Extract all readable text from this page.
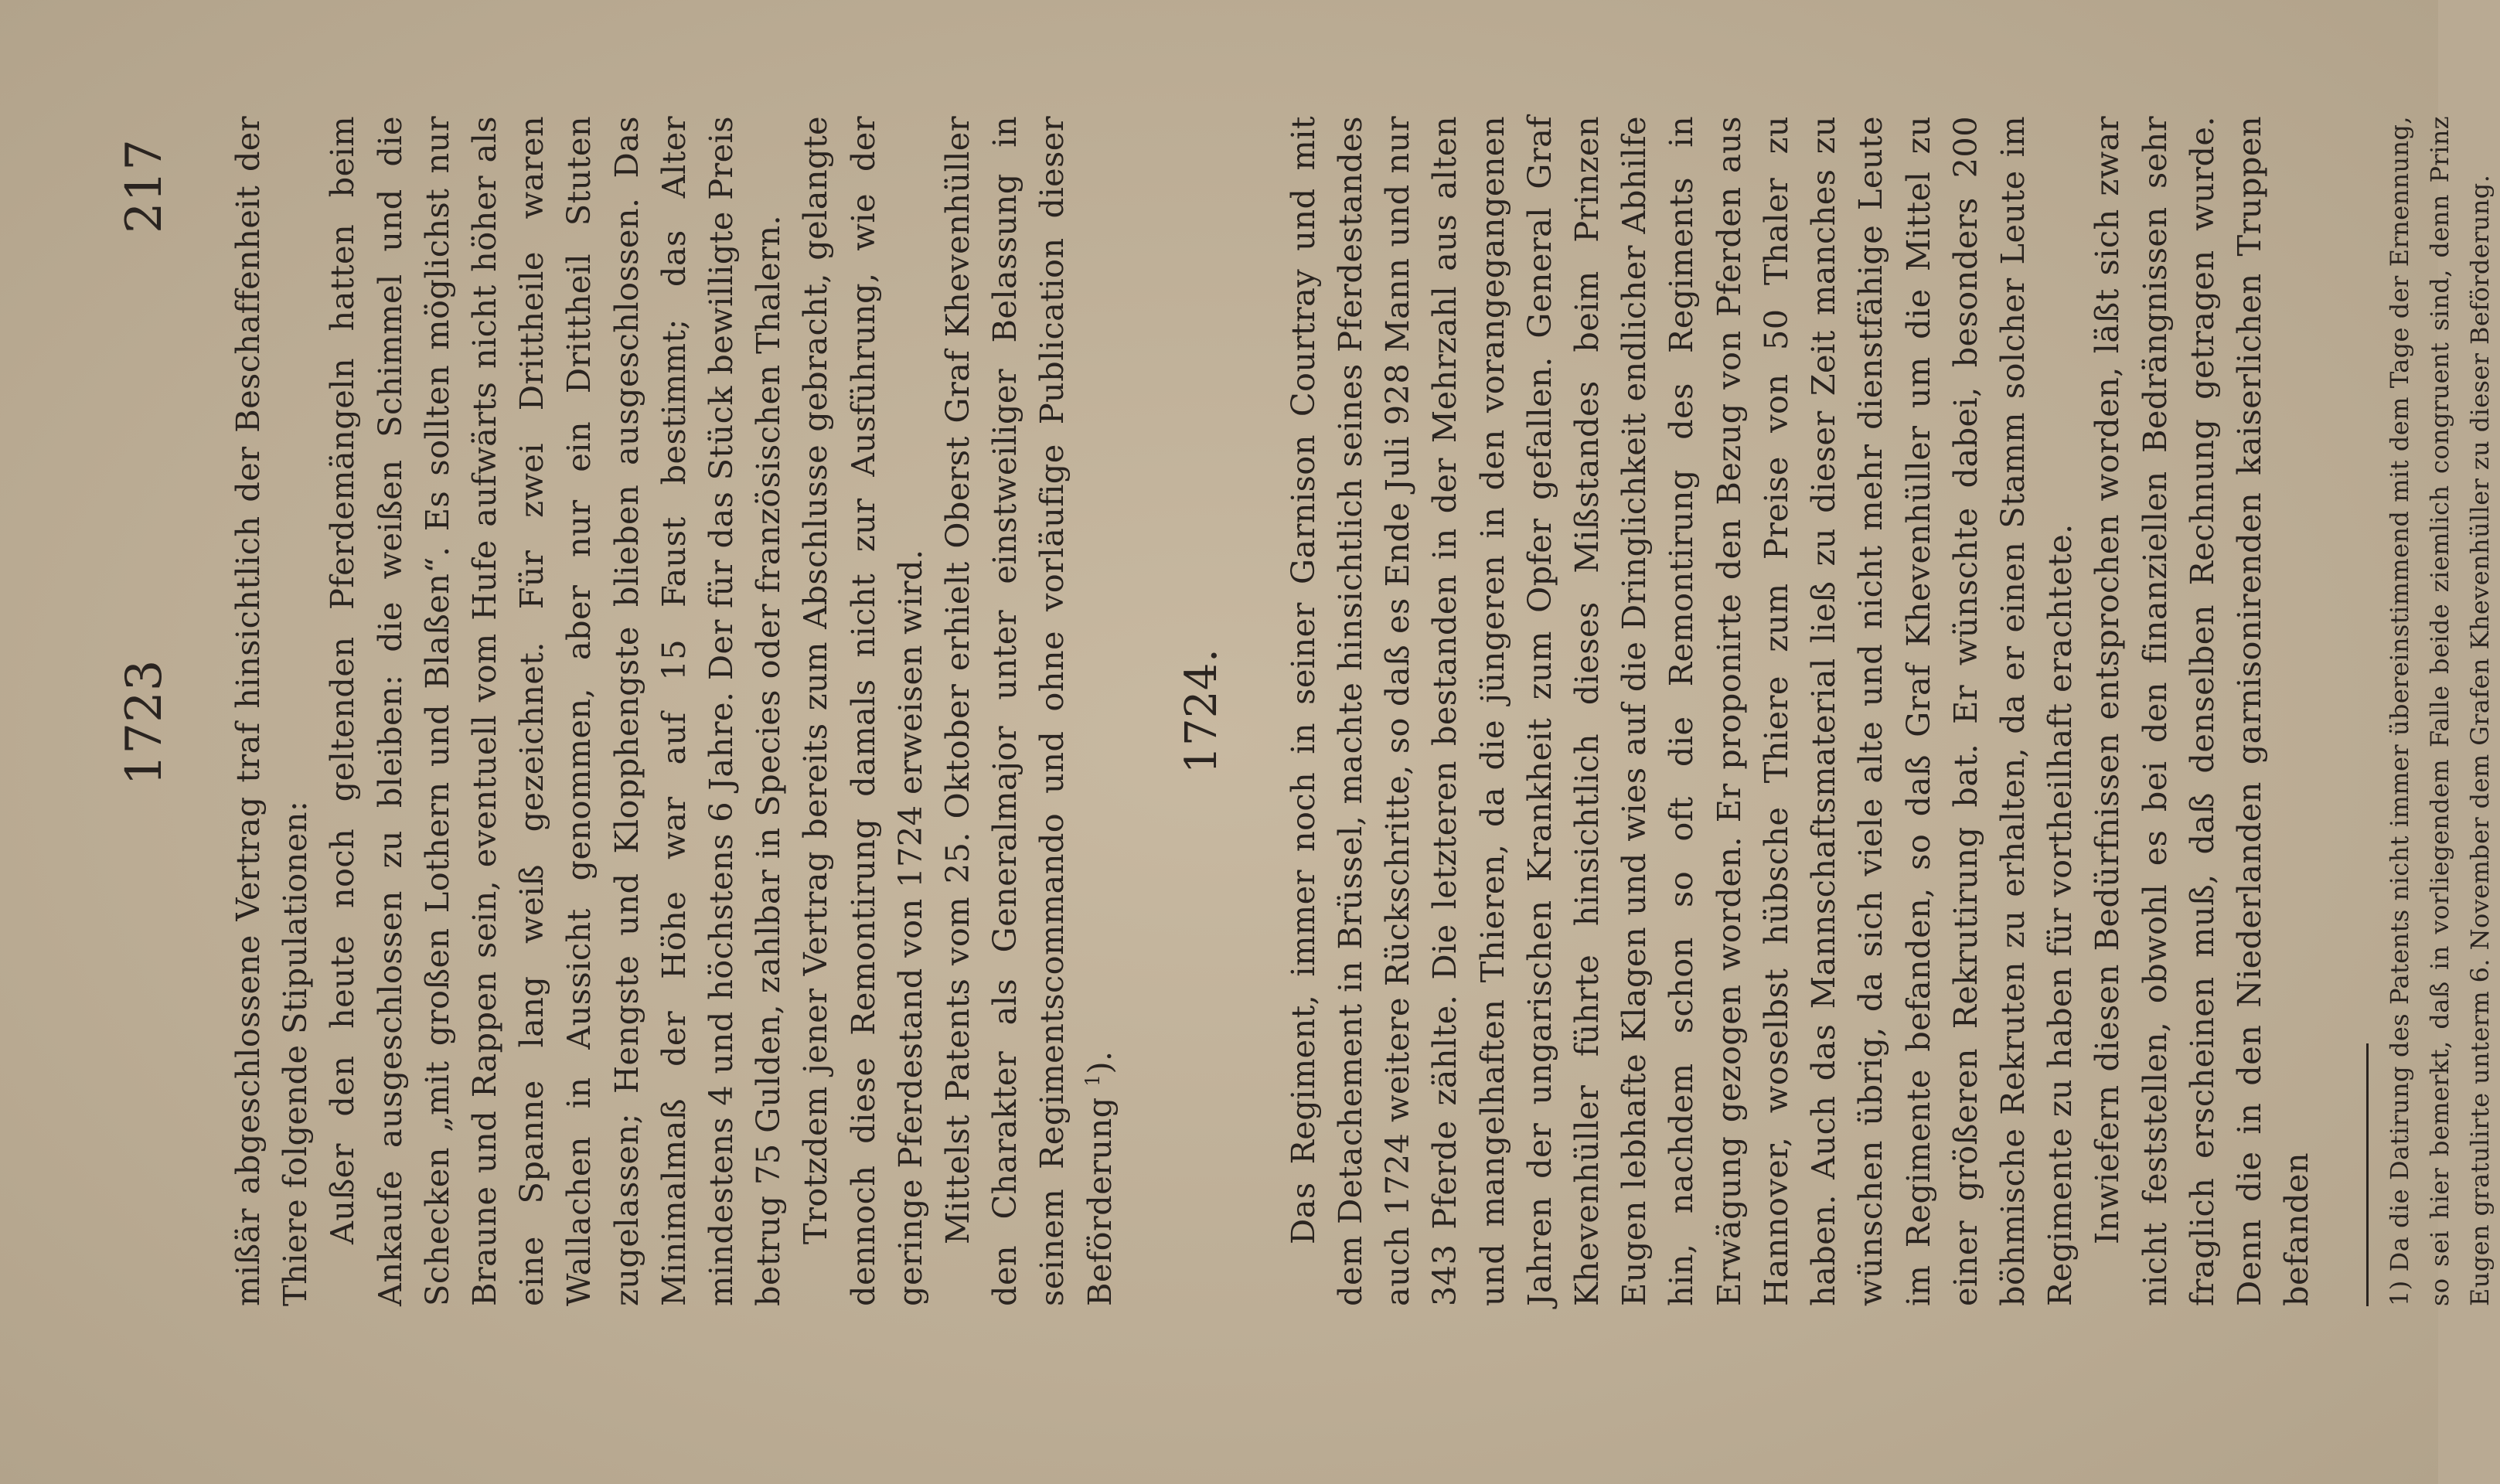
1723
217 mißär abgeschlossene Vertrag traf hinsichtlich der Beschaffenheit der Thiere folgende Stipulationen: Außer den heute noch geltenden Pferdemängeln hatten beim Ankaufe ausgeschlossen zu bleiben: die weißen Schimmel und die Schecken „mit großen Lothern und Blaßen“. Es sollten möglichst nur Braune und Rappen sein, eventuell vom Hufe aufwärts nicht höher als eine Spanne lang weiß gezeichnet. Für zwei Drittheile waren Wallachen in Aussicht genommen, aber nur ein Drittheil Stuten zugelassen; Hengste und Klopphengste blieben ausgeschlossen. Das Minimalmaß der Höhe war auf 15 Faust bestimmt; das Alter mindestens 4 und höchstens 6 Jahre. Der für das Stück bewilligte Preis betrug 75 Gulden, zahlbar in Species oder französischen Thalern. Trotzdem jener Vertrag bereits zum Abschlusse gebracht, gelangte dennoch diese Remontirung damals nicht zur Ausführung, wie der geringe Pferdestand von 1724 erweisen wird. Mittelst Patents vom 25. Oktober erhielt Oberst Graf Khevenhüller den Charakter als Generalmajor unter einstweiliger Belassung in seinem Regimentscommando und ohne vorläufige Publication dieser Beförderung $^1$).

1724. Das Regiment, immer noch in seiner Garnison Courtray und mit dem Detachement in Brüssel, machte hinsichtlich seines Pferdestandes auch 1724 weitere Rückschritte, so daß es Ende Juli 928 Mann und nur 343 Pferde zählte. Die letzteren bestanden in der Mehrzahl aus alten und mangelhaften Thieren, da die jüngeren in den vorangegangenen Jahren der ungarischen Krankheit zum Opfer gefallen. General Graf Khevenhüller führte hinsichtlich dieses Mißstandes beim Prinzen Eugen lebhafte Klagen und wies auf die Dringlichkeit endlicher Abhilfe hin, nachdem schon so oft die Remontirung des Regiments in Erwägung gezogen worden. Er proponirte den Bezug von Pferden aus Hannover, woselbst hübsche Thiere zum Preise von 50 Thaler zu haben. Auch das Mannschaftsmaterial ließ zu dieser Zeit manches zu wünschen übrig, da sich viele alte und nicht mehr dienstfähige Leute im Regimente befanden, so daß Graf Khevenhüller um die Mittel zu einer größeren Rekrutirung bat. Er wünschte dabei, besonders 200 böhmische Rekruten zu erhalten, da er einen Stamm solcher Leute im Regimente zu haben für vortheilhaft erachtete. Inwiefern diesen Bedürfnissen entsprochen worden, läßt sich zwar nicht feststellen, obwohl es bei den finanziellen Bedrängnissen sehr fraglich erscheinen muß, daß denselben Rechnung getragen wurde. Denn die in den Niederlanden garnisonirenden kaiserlichen Truppen befanden	1) Da die Datirung des Patents nicht immer übereinstimmend mit dem Tage der Ernennung, so sei hier bemerkt, daß in vorliegendem Falle beide ziemlich congruent sind, denn Prinz Eugen gratulirte unterm 6. November dem Grafen Khevenhüller zu dieser Beförderung.
